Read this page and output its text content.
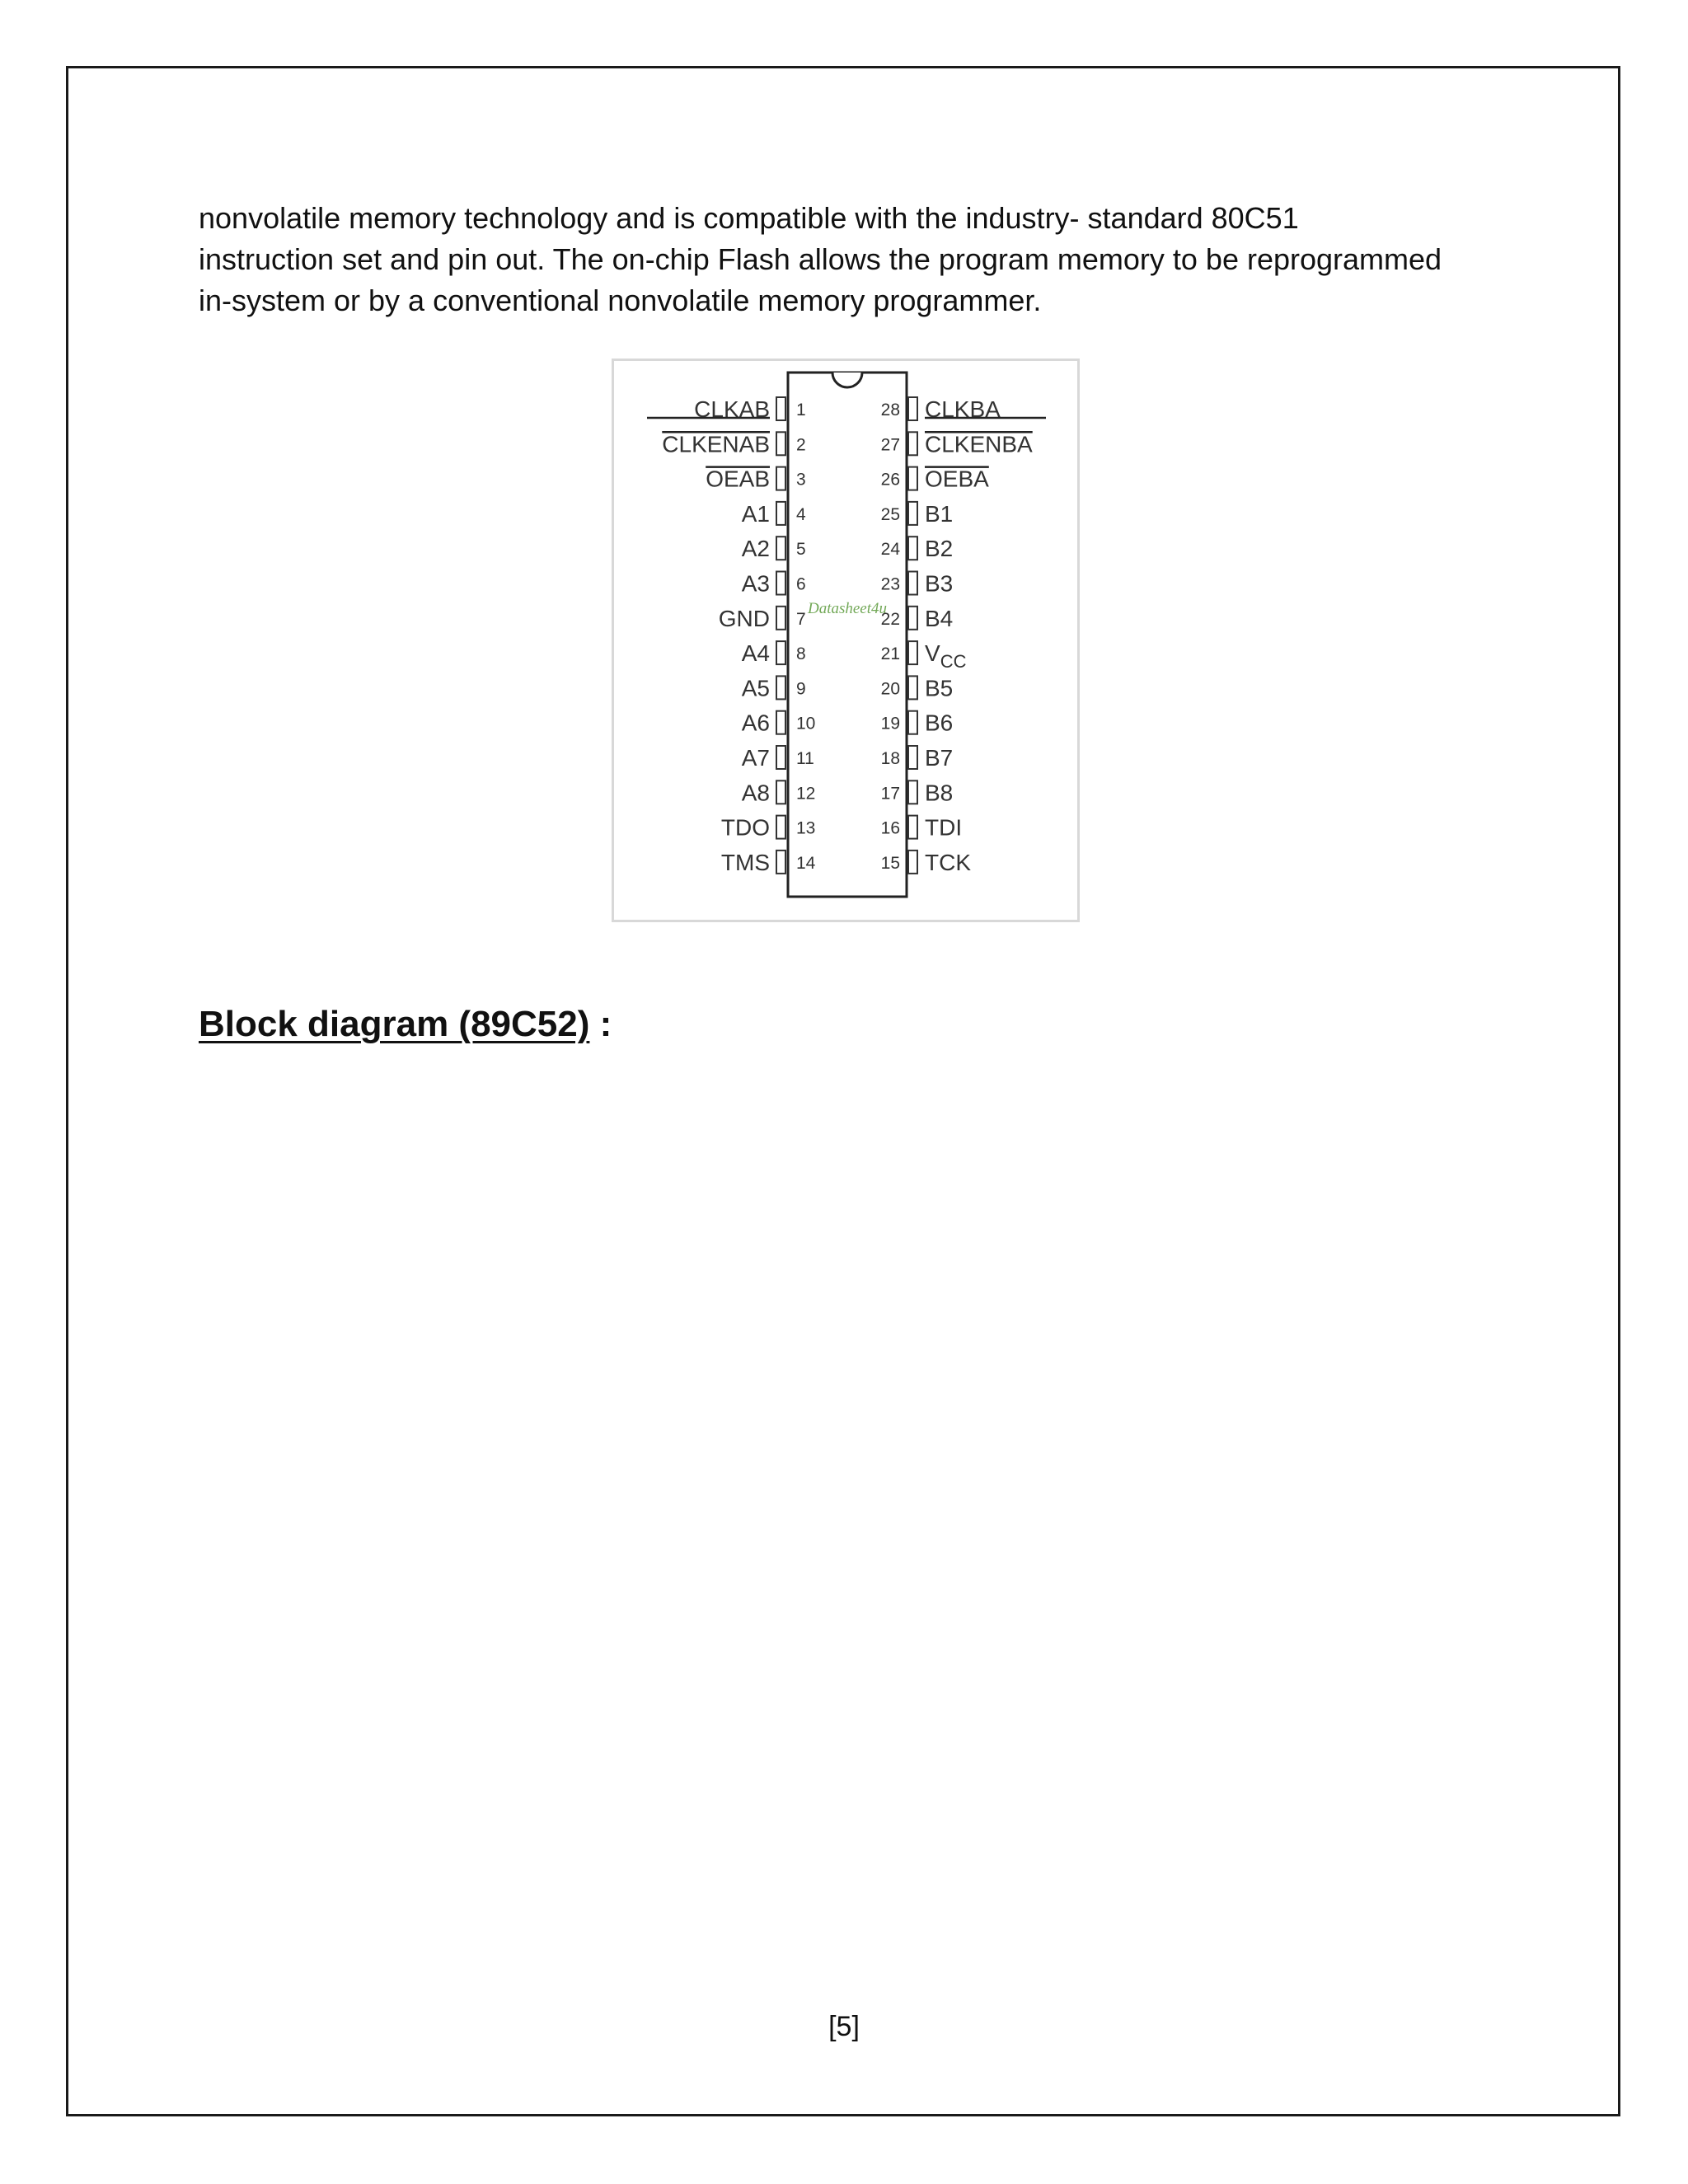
nonvolatile memory technology and is compatible with the industry- standard 80C51
instruction set and pin out. The on-chip Flash allows the program memory to be reprogrammed
in-system or by a conventional nonvolatile memory programmer.
Datasheet4u
1
CLKAB
2
CLKENAB
3
OEAB
4
A1
5
A2
6
A3
7
GND
8
A4
9
A5
10
A6
11
A7
12
A8
13
TDO
14
TMS
28 CLKBA
27 CLKENBA
26 OEBA
25 B1
24 B2
23 B3
22 B4
21 $V_{CC}$
20 B5
19 B6
18 B7
17 B8
16 TDI
15 TCK
Block diagram (89C52) :
[5]
